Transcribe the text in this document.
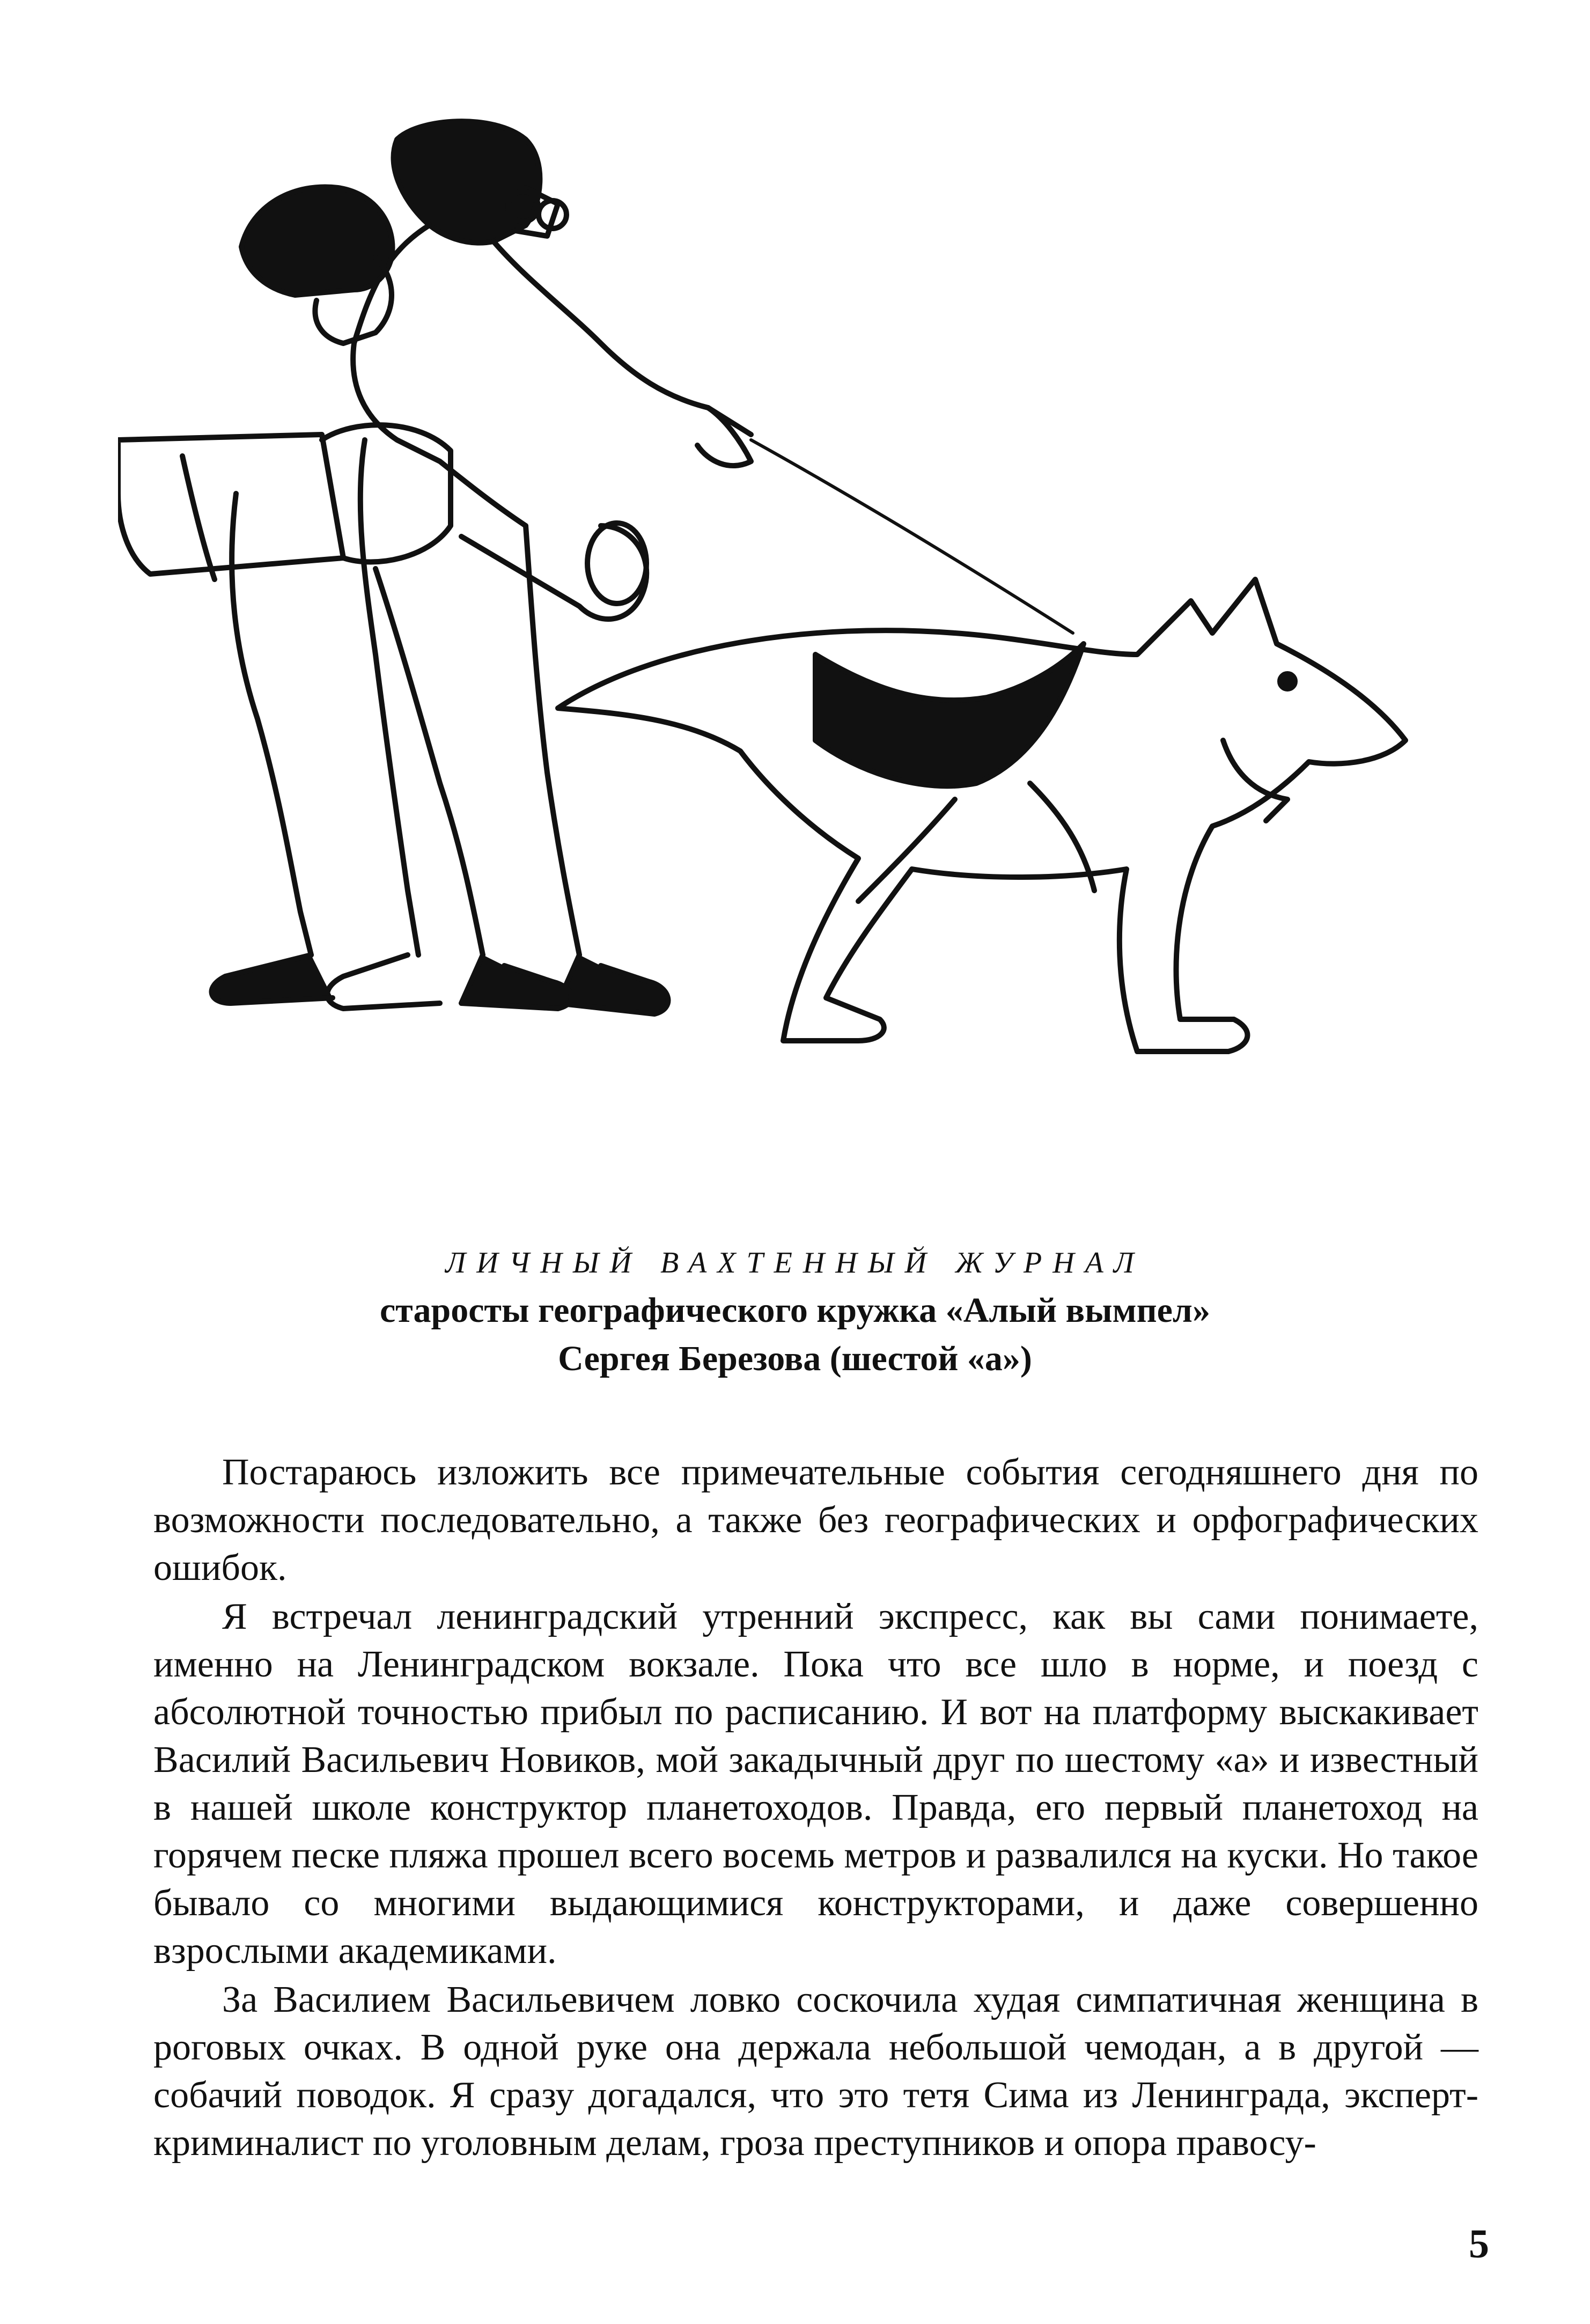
ЛИЧНЫЙ ВАХТЕННЫЙ ЖУРНАЛ
старосты географического кружка «Алый вымпел»
Сергея Березова (шестой «а»)

Постараюсь изложить все примечательные события сегодняшнего дня по возможности последовательно, а также без географических и орфографических ошибок.

Я встречал ленинградский утренний экспресс, как вы сами понимаете, именно на Ленинградском вокзале. Пока что все шло в норме, и поезд с абсолютной точностью прибыл по расписанию. И вот на платформу выскакивает Василий Васильевич Новиков, мой закадычный друг по шестому «а» и известный в нашей школе конструктор планетоходов. Правда, его первый планетоход на горячем песке пляжа прошел всего восемь метров и развалился на куски. Но такое бывало со многими выдающимися конструкторами, и даже совершенно взрослыми академиками.

За Василием Васильевичем ловко соскочила худая симпатичная женщина в роговых очках. В одной руке она держала небольшой чемодан, а в другой — собачий поводок. Я сразу догадался, что это тетя Сима из Ленинграда, эксперт-криминалист по уголовным делам, гроза преступников и опора правосу-

5
